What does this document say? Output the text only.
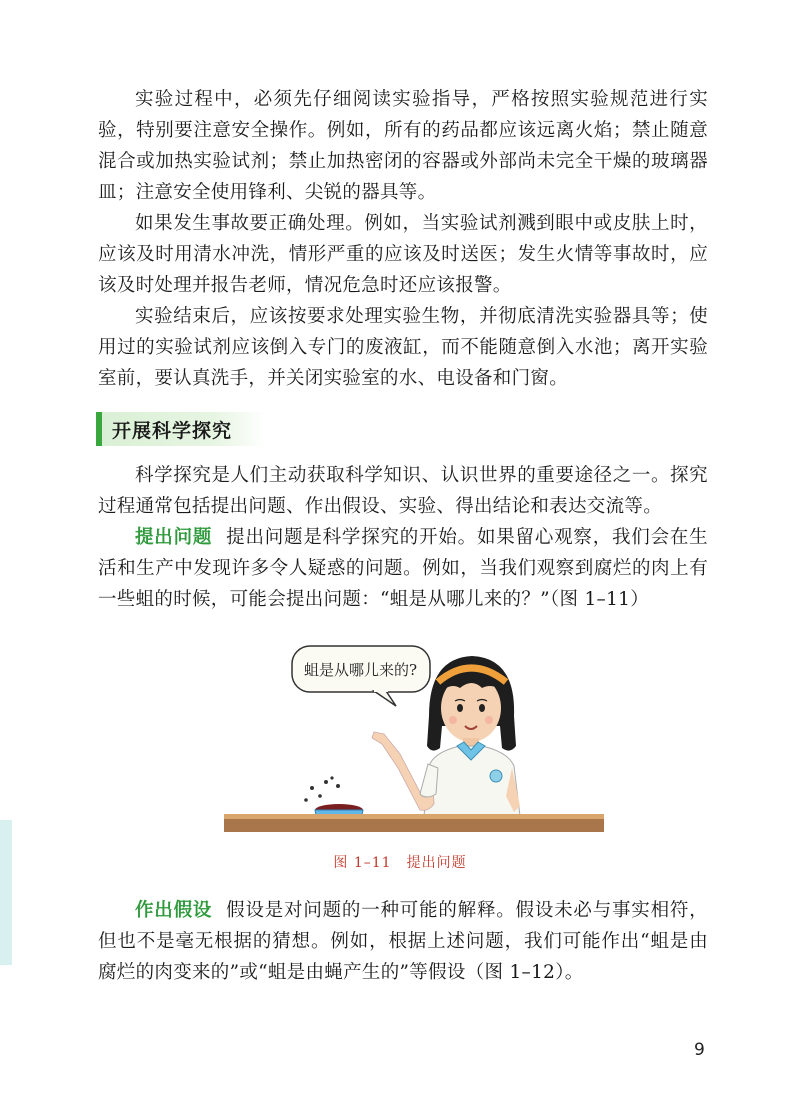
实验过程中，必须先仔细阅读实验指导，严格按照实验规范进行实验，特别要注意安全操作。例如，所有的药品都应该远离火焰；禁止随意混合或加热实验试剂；禁止加热密闭的容器或外部尚未完全干燥的玻璃器皿；注意安全使用锋利、尖锐的器具等。

如果发生事故要正确处理。例如，当实验试剂溅到眼中或皮肤上时，应该及时用清水冲洗，情形严重的应该及时送医；发生火情等事故时，应该及时处理并报告老师，情况危急时还应该报警。

实验结束后，应该按要求处理实验生物，并彻底清洗实验器具等；使用过的实验试剂应该倒入专门的废液缸，而不能随意倒入水池；离开实验室前，要认真洗手，并关闭实验室的水、电设备和门窗。

开展科学探究

科学探究是人们主动获取科学知识、认识世界的重要途径之一。探究过程通常包括提出问题、作出假设、实验、得出结论和表达交流等。

提出问题 提出问题是科学探究的开始。如果留心观察，我们会在生活和生产中发现许多令人疑惑的问题。例如，当我们观察到腐烂的肉上有一些蛆的时候，可能会提出问题：“蛆是从哪儿来的？”（图 1–11）

蛆是从哪儿来的?
图 1–11　提出问题

作出假设 假设是对问题的一种可能的解释。假设未必与事实相符，但也不是毫无根据的猜想。例如，根据上述问题，我们可能作出“蛆是由腐烂的肉变来的”或“蛆是由蝇产生的”等假设（图 1–12）。

9
